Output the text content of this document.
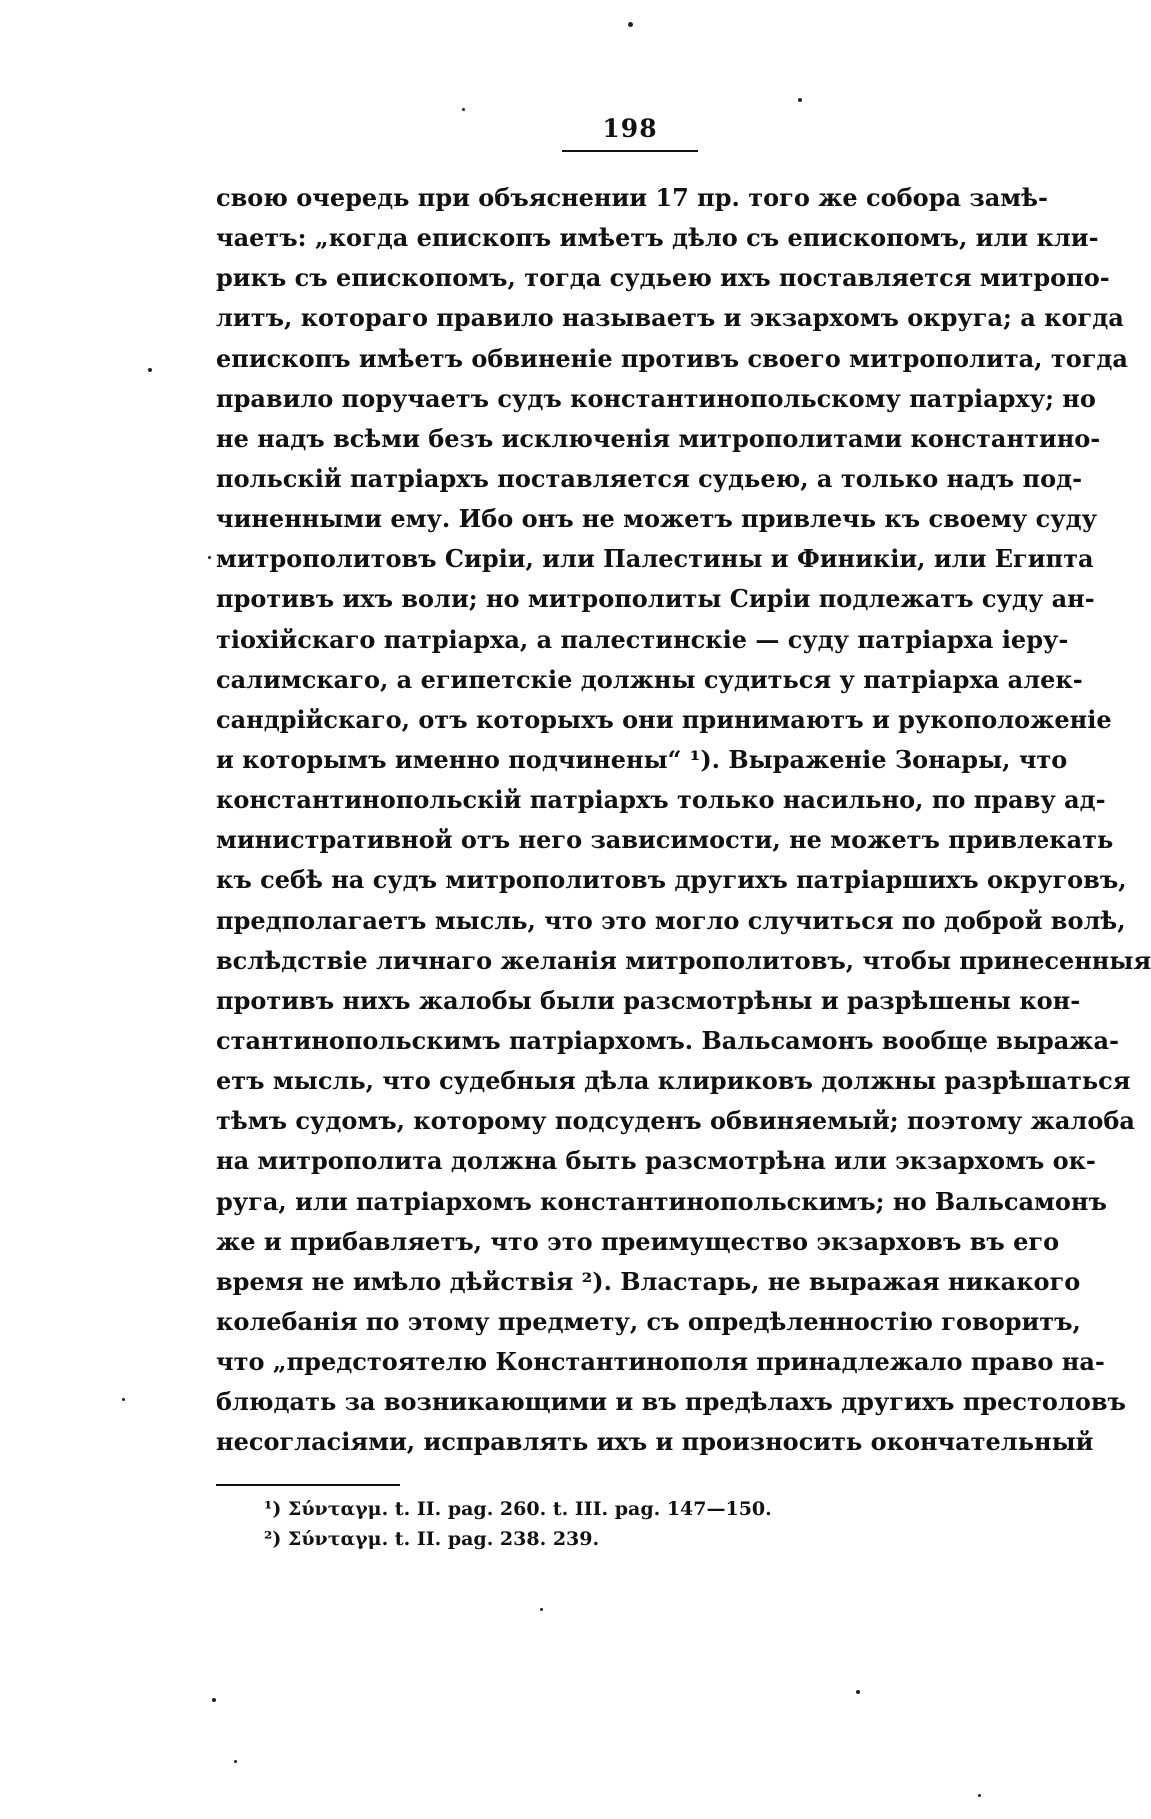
198
свою очередь при объяснении 17 пр. того же собора замѣ-
чаетъ: „когда епископъ имѣетъ дѣло съ епископомъ, или кли-
рикъ съ епископомъ, тогда судьею ихъ поставляется митропо-
литъ, котораго правило называетъ и экзархомъ округа; а когда
епископъ имѣетъ обвиненіе противъ своего митрополита, тогда
правило поручаетъ судъ константинопольскому патріарху; но
не надъ всѣми безъ исключенія митрополитами константино-
польскій патріархъ поставляется судьею, а только надъ под-
чиненными ему. Ибо онъ не можетъ привлечь къ своему суду
митрополитовъ Сиріи, или Палестины и Финикіи, или Египта
противъ ихъ воли; но митрополиты Сиріи подлежатъ суду ан-
тіохійскаго патріарха, а палестинскіе — суду патріарха іеру-
салимскаго, а египетскіе должны судиться у патріарха алек-
сандрійскаго, отъ которыхъ они принимаютъ и рукоположеніе
и которымъ именно подчинены“ ¹). Выраженіе Зонары, что
константинопольскій патріархъ только насильно, по праву ад-
министративной отъ него зависимости, не можетъ привлекать
къ себѣ на судъ митрополитовъ другихъ патріаршихъ округовъ,
предполагаетъ мысль, что это могло случиться по доброй волѣ,
вслѣдствіе личнаго желанія митрополитовъ, чтобы принесенныя
противъ нихъ жалобы были разсмотрѣны и разрѣшены кон-
стантинопольскимъ патріархомъ. Вальсамонъ вообще выража-
етъ мысль, что судебныя дѣла клириковъ должны разрѣшаться
тѣмъ судомъ, которому подсуденъ обвиняемый; поэтому жалоба
на митрополита должна быть разсмотрѣна или экзархомъ ок-
руга, или патріархомъ константинопольскимъ; но Вальсамонъ
же и прибавляетъ, что это преимущество экзарховъ въ его
время не имѣло дѣйствія ²). Властарь, не выражая никакого
колебанія по этому предмету, съ опредѣленностію говоритъ,
что „предстоятелю Константинополя принадлежало право на-
блюдать за возникающими и въ предѣлахъ другихъ престоловъ
несогласіями, исправлять ихъ и произносить окончательный
¹) Σύνταγμ. t. II. pag. 260. t. III. pag. 147—150.
²) Σύνταγμ. t. II. pag. 238. 239.
